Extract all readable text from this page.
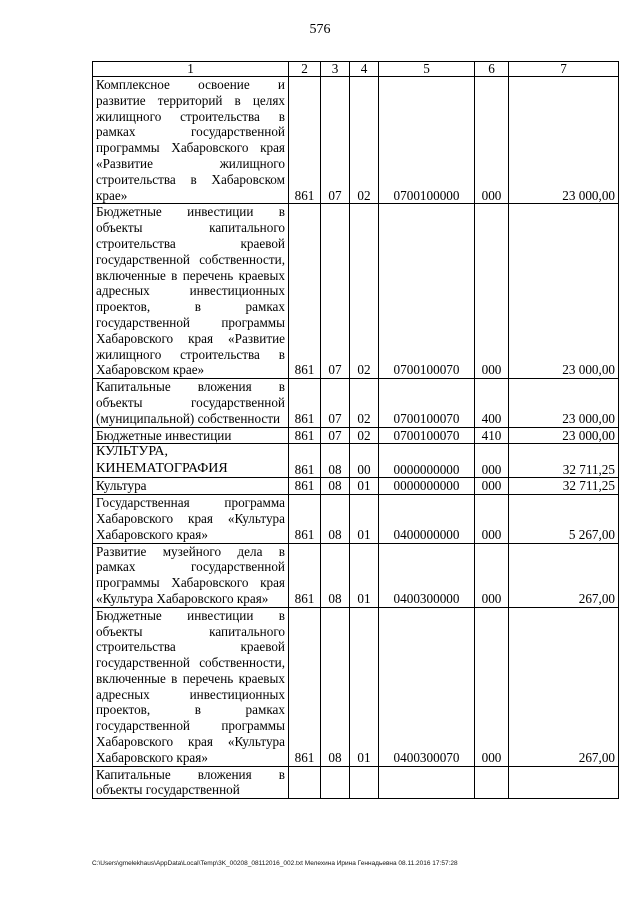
576
1	2	3	4	5	6	7
Комплексное освоение и развитие территорий в целях жилищного строительства в рамках государственной программы Хабаровского края «Развитие жилищного строительства в Хабаровском крае»	861	07	02	0700100000	000	23 000,00
Бюджетные инвестиции в объекты капитального строительства краевой государственной собственности, включенные в перечень краевых адресных инвестиционных проектов, в рамках государственной программы Хабаровского края «Развитие жилищного строительства в Хабаровском крае»	861	07	02	0700100070	000	23 000,00
Капитальные вложения в объекты государственной (муниципальной) собственности	861	07	02	0700100070	400	23 000,00
Бюджетные инвестиции	861	07	02	0700100070	410	23 000,00
КУЛЬТУРА, КИНЕМАТОГРАФИЯ	861	08	00	0000000000	000	32 711,25
Культура	861	08	01	0000000000	000	32 711,25
Государственная программа Хабаровского края «Культура Хабаровского края»	861	08	01	0400000000	000	5 267,00
Развитие музейного дела в рамках государственной программы Хабаровского края «Культура Хабаровского края»	861	08	01	0400300000	000	267,00
Бюджетные инвестиции в объекты капитального строительства краевой государственной собственности, включенные в перечень краевых адресных инвестиционных проектов, в рамках государственной программы Хабаровского края «Культура Хабаровского края»	861	08	01	0400300070	000	267,00
Капитальные вложения в объекты государственной						
C:\Users\gmelekhaus\AppData\Local\Temp\3K_00208_08112016_002.txt Мелехина Ирина Геннадьевна 08.11.2016 17:57:28
